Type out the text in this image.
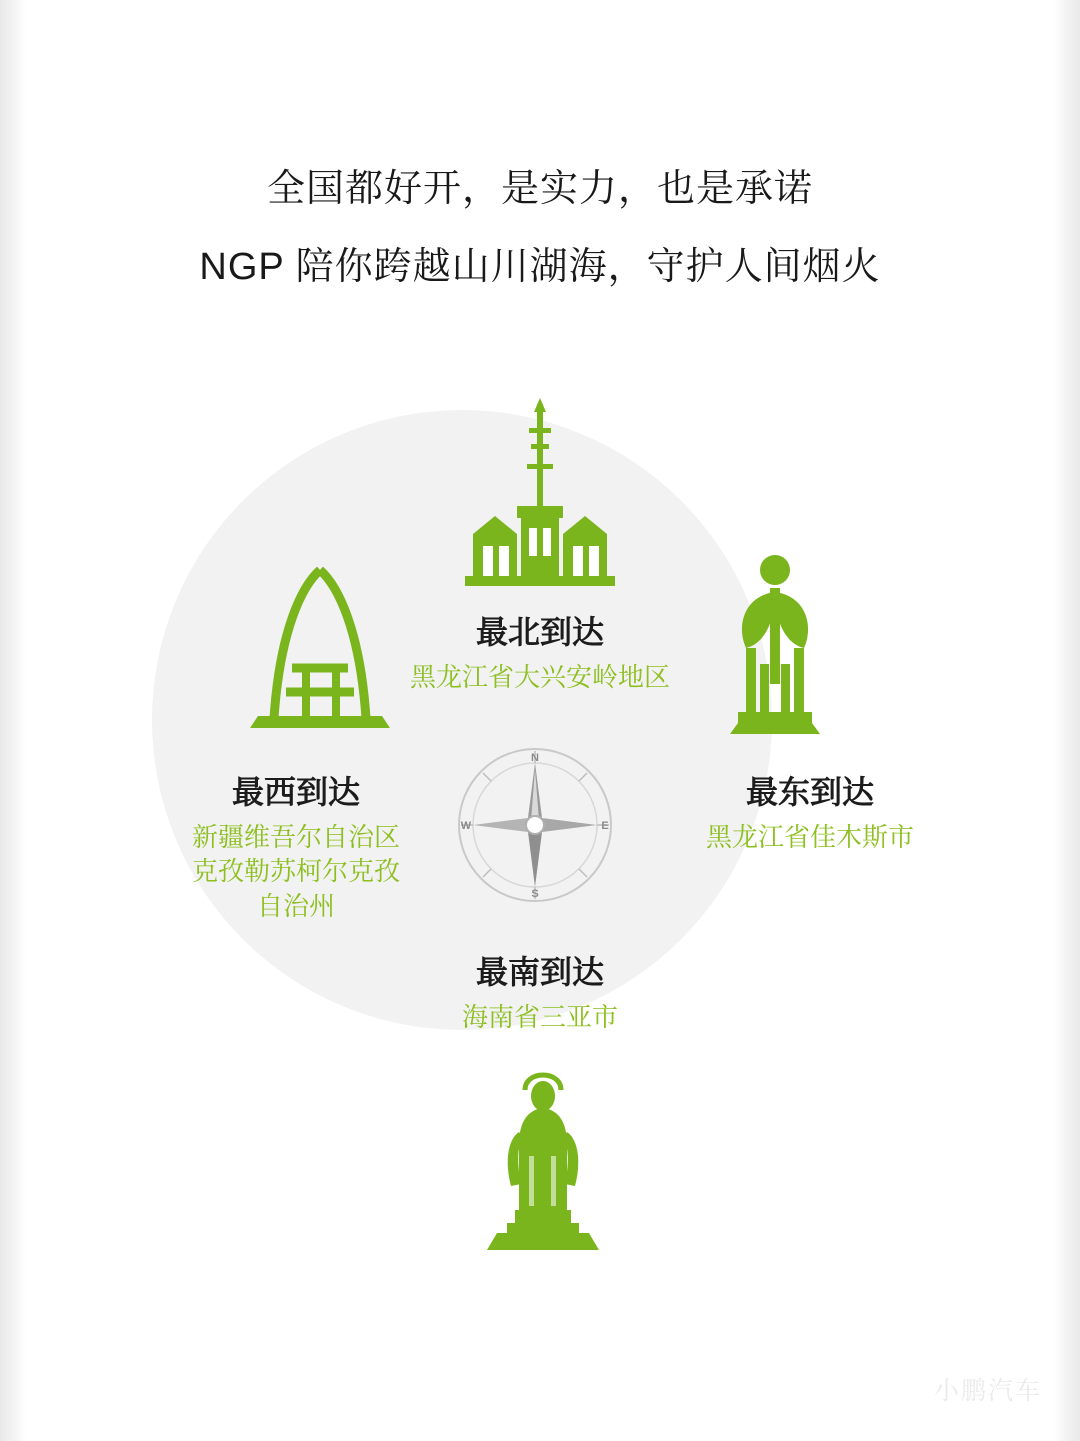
全国都好开，是实力，也是承诺
NGP 陪你跨越山川湖海，守护人间烟火
N
S
E
W
最北到达
黑龙江省大兴安岭地区
最南到达
海南省三亚市
最西到达
新疆维吾尔自治区
克孜勒苏柯尔克孜
自治州
最东到达
黑龙江省佳木斯市
小鹏汽车
